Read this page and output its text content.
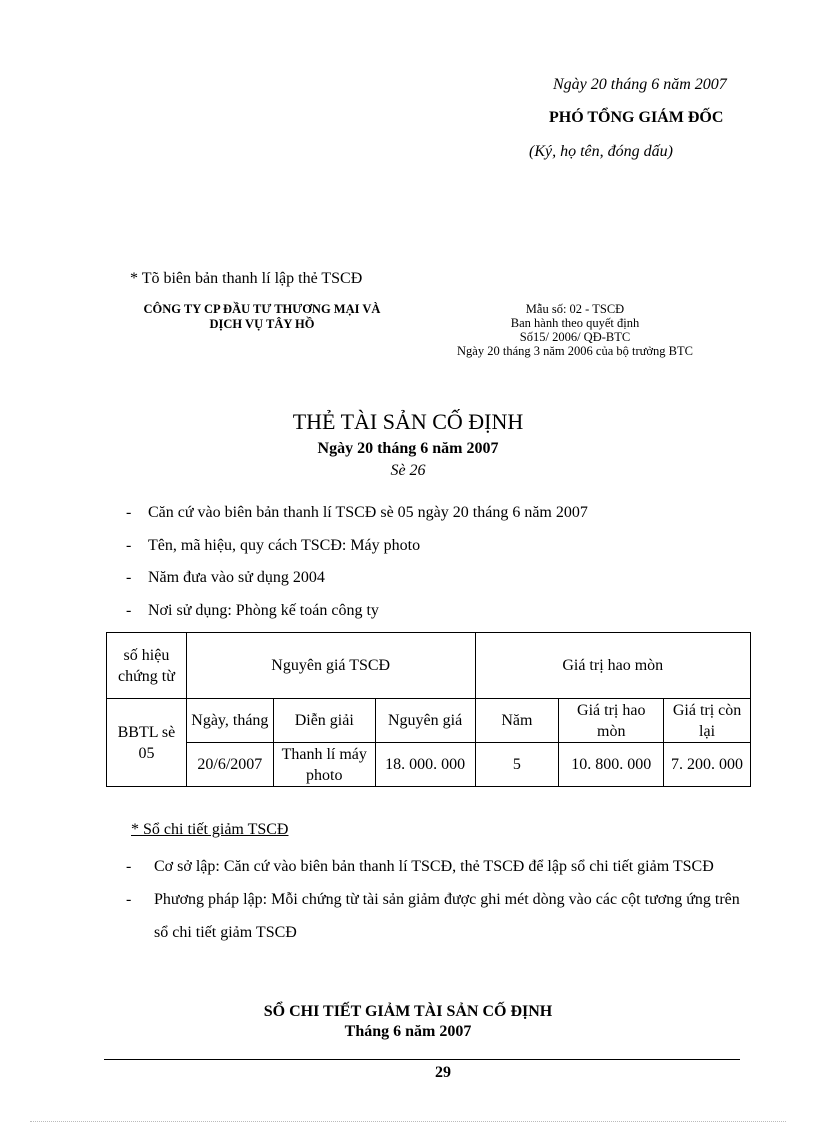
Ngày 20 tháng 6 năm 2007
PHÓ TỔNG GIÁM ĐỐC
(Ký, họ tên, đóng dấu)
* Tõ biên bản thanh lí lập thẻ TSCĐ
CÔNG TY CP ĐẦU TƯ THƯƠNG MẠI VÀ
DỊCH VỤ TÂY HỒ
Mẫu số: 02 - TSCĐ
Ban hành theo quyết định
Số15/ 2006/ QĐ-BTC
Ngày 20 tháng 3 năm 2006 của bộ trưởng BTC
THẺ TÀI SẢN CỐ ĐỊNH
Ngày 20 tháng 6 năm 2007
Sè 26
-	Căn cứ vào biên bản thanh lí TSCĐ sè 05 ngày 20 tháng 6 năm 2007
-	Tên, mã hiệu, quy cách TSCĐ: Máy photo
-	Năm đưa vào sử dụng 2004
-	Nơi sử dụng: Phòng kế toán công ty
số hiệu chứng từ	Nguyên giá TSCĐ			Giá trị hao mòn		
BBTL sè 05	Ngày, tháng	Diễn giải	Nguyên giá	Năm	Giá trị hao mòn	Giá trị còn lại
	20/6/2007	Thanh lí máy photo	18. 000. 000	5	10. 800. 000	7. 200. 000
* Sổ chi tiết giảm TSCĐ
-	Cơ sở lập: Căn cứ vào biên bản thanh lí TSCĐ, thẻ TSCĐ để lập sổ chi tiết giảm TSCĐ
-	Phương pháp lập: Mỗi chứng từ tài sản giảm được ghi mét dòng vào các cột tương ứng trên sổ chi tiết giảm TSCĐ
SỔ CHI TIẾT GIẢM TÀI SẢN CỐ ĐỊNH
Tháng 6 năm 2007
29
